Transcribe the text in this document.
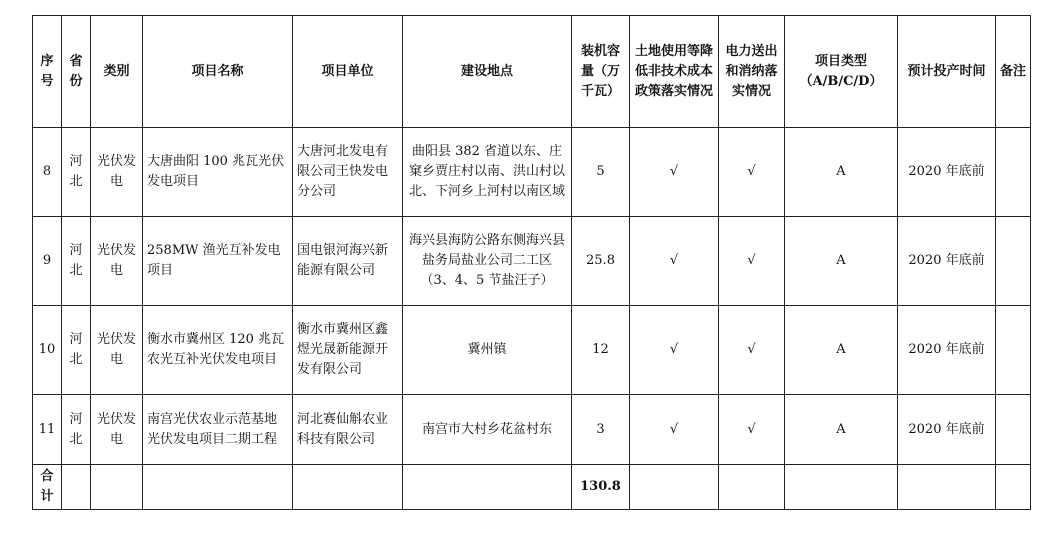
序号	省份	类别	项目名称	项目单位	建设地点	装机容量（万千瓦）	土地使用等降低非技术成本政策落实情况	电力送出和消纳落实情况	项目类型（A/B/C/D）	预计投产时间	备注
8	河北	光伏发电	大唐曲阳 100 兆瓦光伏发电项目	大唐河北发电有限公司王快发电分公司	曲阳县 382 省道以东、庄窠乡贾庄村以南、洪山村以北、下河乡上河村以南区域	5	√	√	A	2020 年底前	
9	河北	光伏发电	258MW 渔光互补发电项目	国电银河海兴新能源有限公司	海兴县海防公路东侧海兴县盐务局盐业公司二工区（3、4、5 节盐汪子）	25.8	√	√	A	2020 年底前	
10	河北	光伏发电	衡水市冀州区 120 兆瓦农光互补光伏发电项目	衡水市冀州区鑫煜光晟新能源开发有限公司	冀州镇	12	√	√	A	2020 年底前	
11	河北	光伏发电	南宫光伏农业示范基地光伏发电项目二期工程	河北赛仙斛农业科技有限公司	南宫市大村乡花盆村东	3	√	√	A	2020 年底前	
合计						130.8					
